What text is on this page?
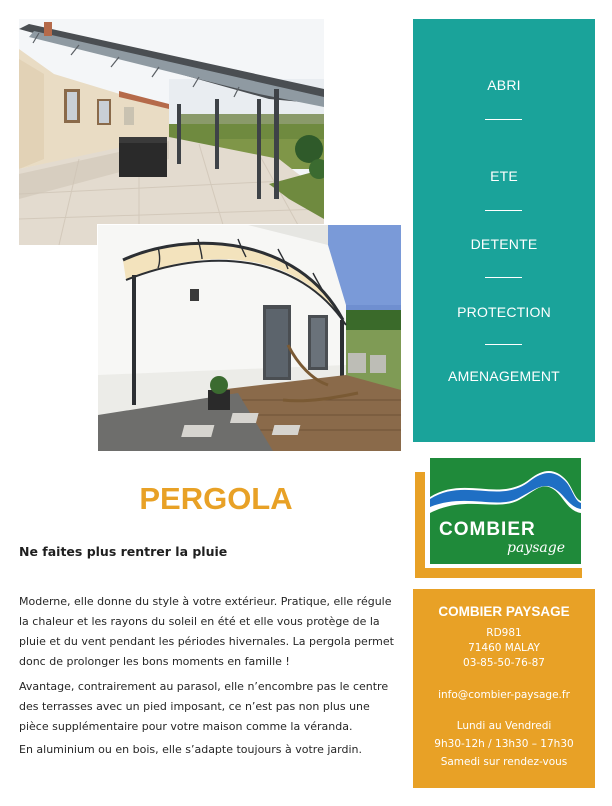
ABRI
ETE
DETENTE
PROTECTION
AMENAGEMENT
COMBIER
paysage
PERGOLA
Ne faites plus rentrer la pluie
Moderne, elle donne du style à votre extérieur. Pratique, elle régule la chaleur et les rayons du soleil en été et elle vous protège de la pluie et du vent pendant les périodes hivernales. La pergola permet donc de prolonger les bons moments en famille !
Avantage, contrairement au parasol, elle n’encombre pas le centre des terrasses avec un pied imposant, ce n’est pas non plus une pièce supplémentaire pour votre maison comme la véranda.
En aluminium ou en bois, elle s’adapte toujours à votre jardin.
COMBIER PAYSAGE
RD981
71460 MALAY
03-85-50-76-87
info@combier-paysage.fr
Lundi au Vendredi
9h30-12h / 13h30 – 17h30
Samedi sur rendez-vous
